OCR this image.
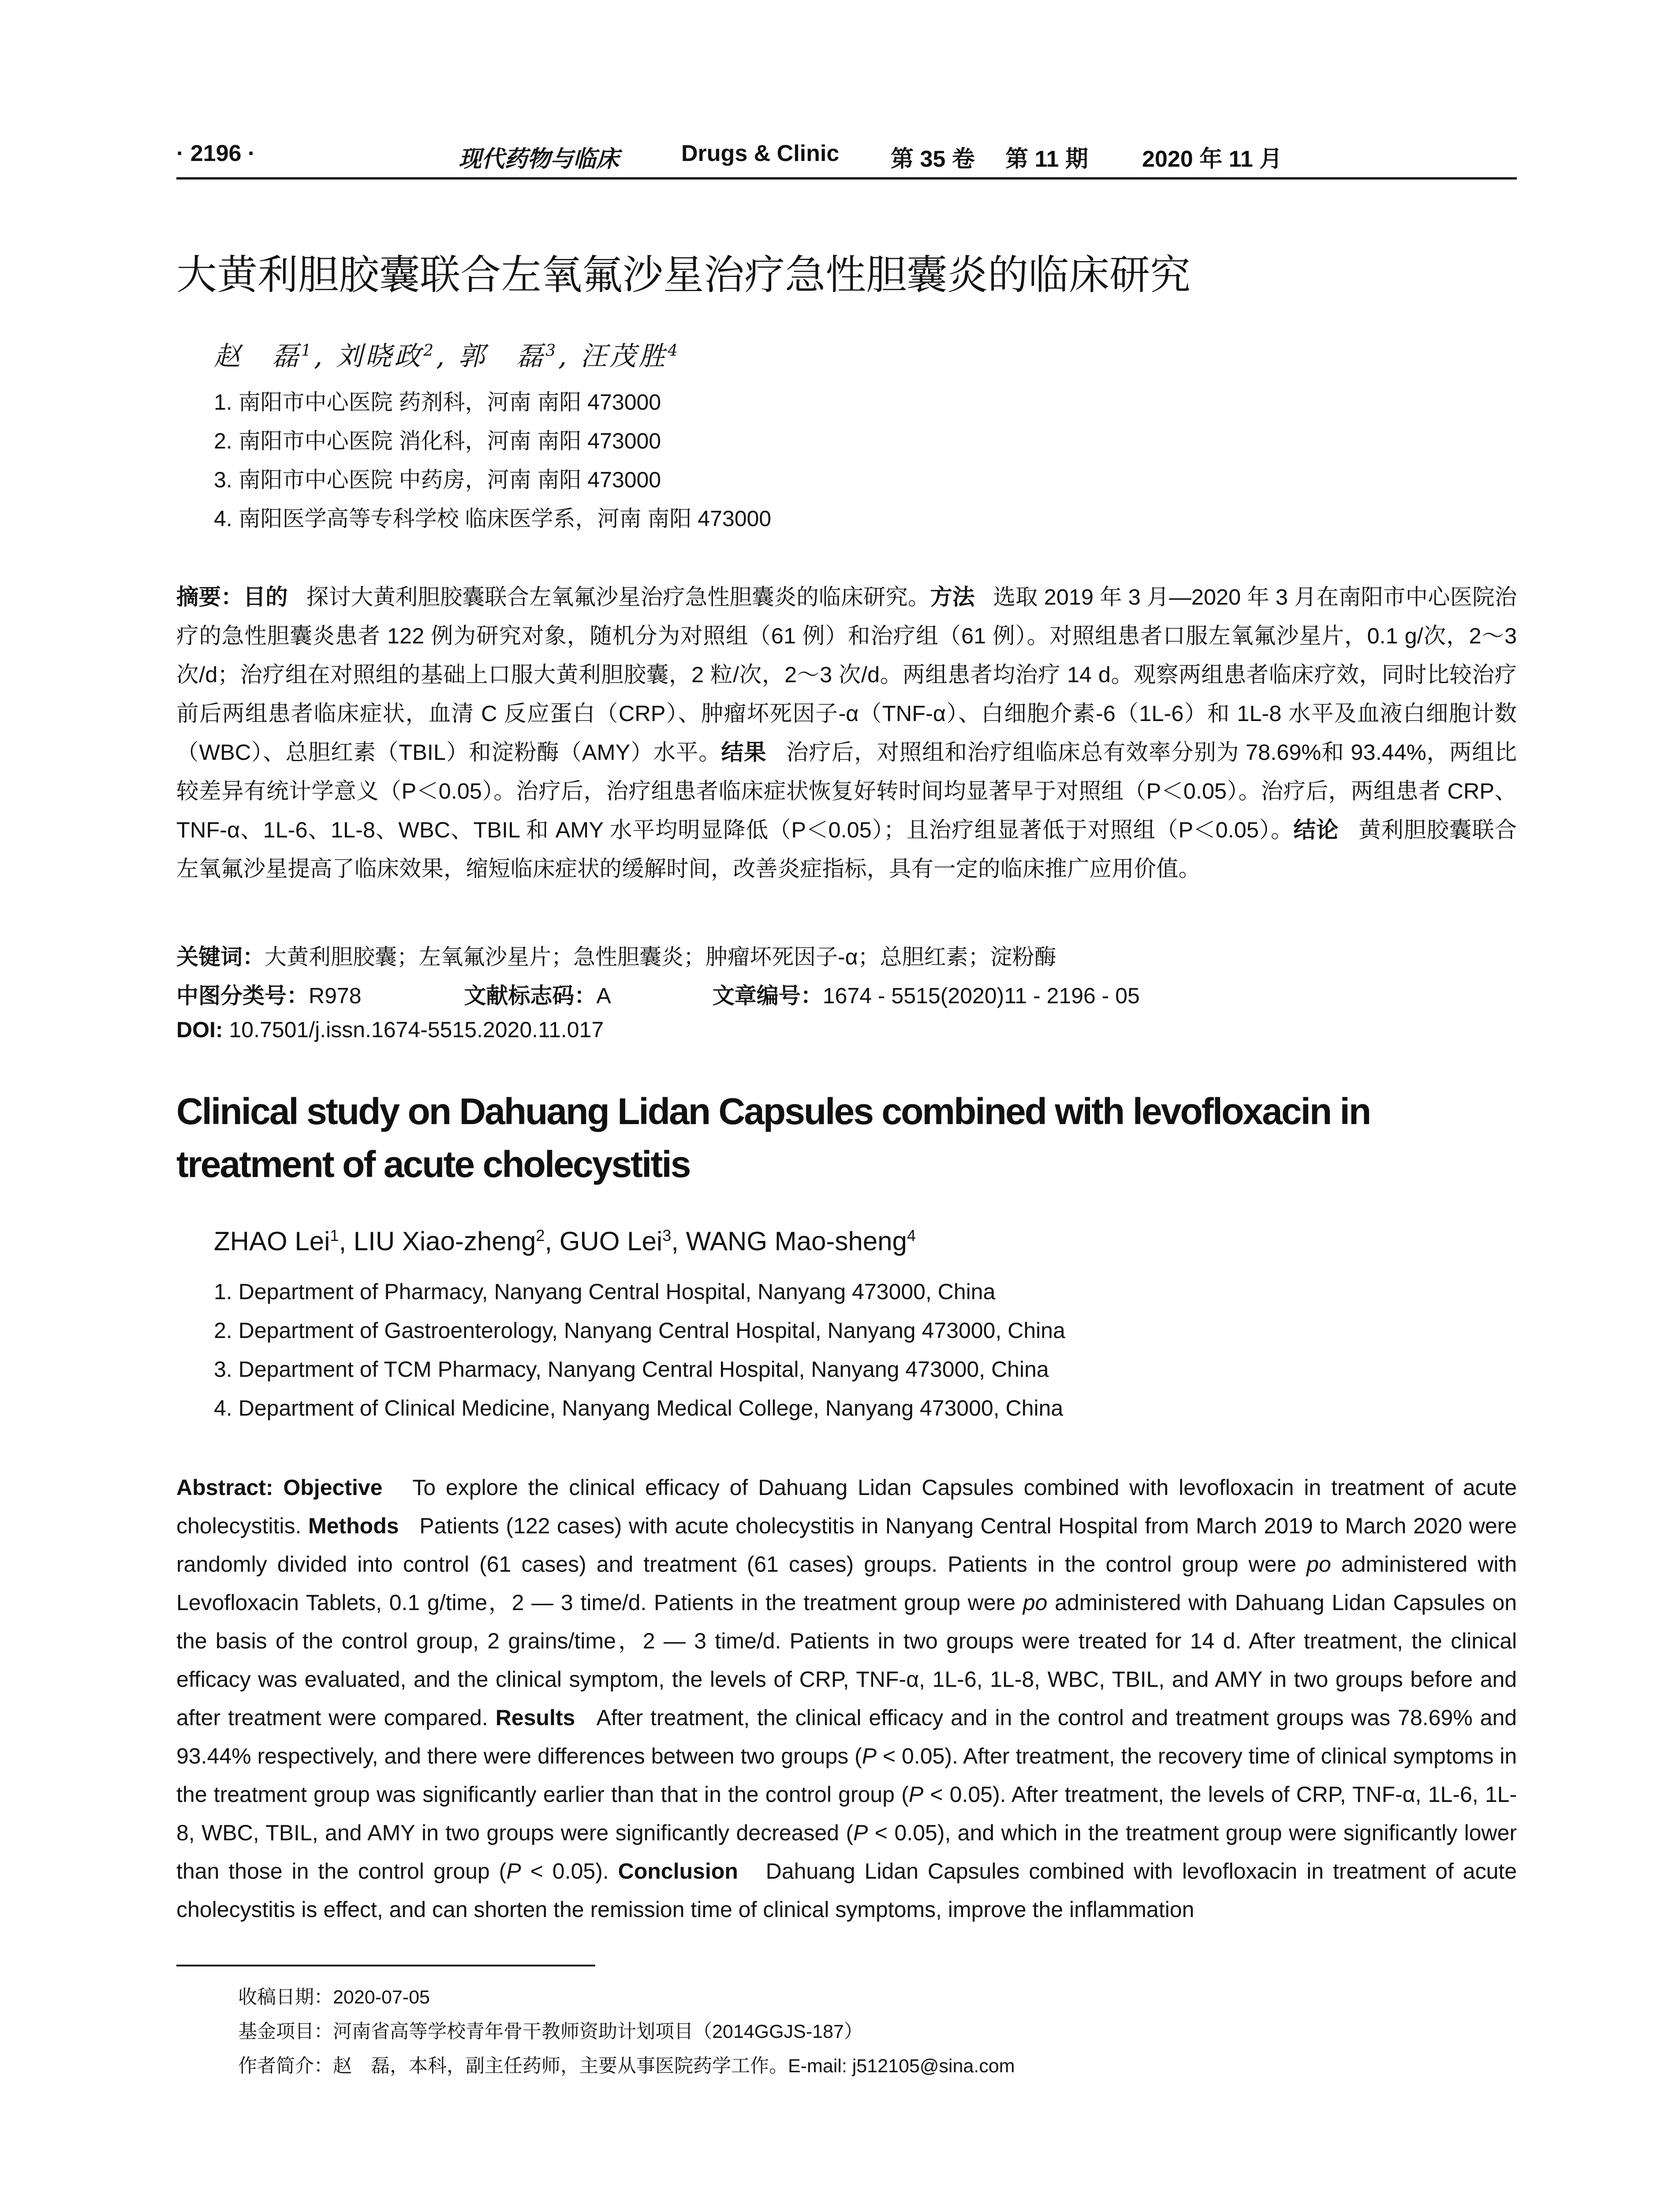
· 2196 ·	现代药物与临床	Drugs & Clinic 第 35 卷 第 11 期 2020 年 11 月
大黄利胆胶囊联合左氧氟沙星治疗急性胆囊炎的临床研究
赵　磊$^1$, 刘晓政$^2$, 郭　磊$^3$, 汪茂胜$^4$
1. 南阳市中心医院 药剂科，河南 南阳 473000
2. 南阳市中心医院 消化科，河南 南阳 473000
3. 南阳市中心医院 中药房，河南 南阳 473000
4. 南阳医学高等专科学校 临床医学系，河南 南阳 473000
摘要：目的 探讨大黄利胆胶囊联合左氧氟沙星治疗急性胆囊炎的临床研究。方法 选取 2019 年 3 月—2020 年 3 月在南阳市中心医院治疗的急性胆囊炎患者 122 例为研究对象，随机分为对照组（61 例）和治疗组（61 例）。对照组患者口服左氧氟沙星片，0.1 g/次，2～3 次/d；治疗组在对照组的基础上口服大黄利胆胶囊，2 粒/次，2～3 次/d。两组患者均治疗 14 d。观察两组患者临床疗效，同时比较治疗前后两组患者临床症状，血清 C 反应蛋白（CRP）、肿瘤坏死因子-α（TNF-α）、白细胞介素-6（1L-6）和 1L-8 水平及血液白细胞计数（WBC）、总胆红素（TBIL）和淀粉酶（AMY）水平。结果 治疗后，对照组和治疗组临床总有效率分别为 78.69%和 93.44%，两组比较差异有统计学意义（P＜0.05）。治疗后，治疗组患者临床症状恢复好转时间均显著早于对照组（P＜0.05）。治疗后，两组患者 CRP、TNF-α、1L-6、1L-8、WBC、TBIL 和 AMY 水平均明显降低（P＜0.05）；且治疗组显著低于对照组（P＜0.05）。结论 黄利胆胶囊联合左氧氟沙星提高了临床效果，缩短临床症状的缓解时间，改善炎症指标，具有一定的临床推广应用价值。
关键词：大黄利胆胶囊；左氧氟沙星片；急性胆囊炎；肿瘤坏死因子-α；总胆红素；淀粉酶
中图分类号：R978	文献标志码：A	文章编号：1674 - 5515(2020)11 - 2196 - 05
DOI: 10.7501/j.issn.1674-5515.2020.11.017
Clinical study on Dahuang Lidan Capsules combined with levofloxacin in treatment of acute cholecystitis
ZHAO Lei$^1$, LIU Xiao-zheng$^2$, GUO Lei$^3$, WANG Mao-sheng$^4$
1. Department of Pharmacy, Nanyang Central Hospital, Nanyang 473000, China
2. Department of Gastroenterology, Nanyang Central Hospital, Nanyang 473000, China
3. Department of TCM Pharmacy, Nanyang Central Hospital, Nanyang 473000, China
4. Department of Clinical Medicine, Nanyang Medical College, Nanyang 473000, China
Abstract: Objective To explore the clinical efficacy of Dahuang Lidan Capsules combined with levofloxacin in treatment of acute cholecystitis. Methods Patients (122 cases) with acute cholecystitis in Nanyang Central Hospital from March 2019 to March 2020 were randomly divided into control (61 cases) and treatment (61 cases) groups. Patients in the control group were po administered with Levofloxacin Tablets, 0.1 g/time，2 — 3 time/d. Patients in the treatment group were po administered with Dahuang Lidan Capsules on the basis of the control group, 2 grains/time，2 — 3 time/d. Patients in two groups were treated for 14 d. After treatment, the clinical efficacy was evaluated, and the clinical symptom, the levels of CRP, TNF-α, 1L-6, 1L-8, WBC, TBIL, and AMY in two groups before and after treatment were compared. Results After treatment, the clinical efficacy and in the control and treatment groups was 78.69% and 93.44% respectively, and there were differences between two groups (P < 0.05). After treatment, the recovery time of clinical symptoms in the treatment group was significantly earlier than that in the control group (P < 0.05). After treatment, the levels of CRP, TNF-α, 1L-6, 1L-8, WBC, TBIL, and AMY in two groups were significantly decreased (P < 0.05), and which in the treatment group were significantly lower than those in the control group (P < 0.05). Conclusion Dahuang Lidan Capsules combined with levofloxacin in treatment of acute cholecystitis is effect, and can shorten the remission time of clinical symptoms, improve the inflammation
收稿日期：2020-07-05
基金项目：河南省高等学校青年骨干教师资助计划项目（2014GGJS-187）
作者简介：赵　磊，本科，副主任药师，主要从事医院药学工作。E-mail: j512105@sina.com
